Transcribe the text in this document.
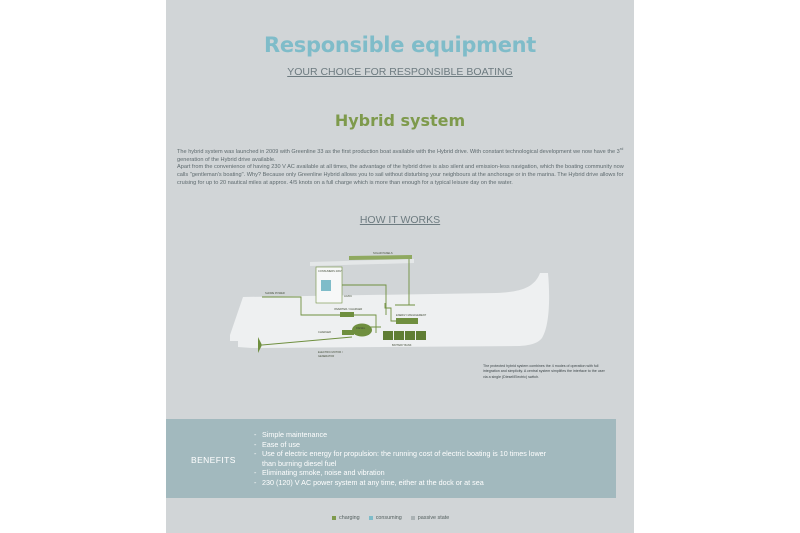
Responsible equipment

YOUR CHOICE FOR RESPONSIBLE BOATING

Hybrid system

The hybrid system was launched in 2009 with Greenline 33 as the first production boat available with the Hybrid drive. With constant technological development we now have the 3rd generation of the Hybrid drive available.

Apart from the convenience of having 230 V AC available at all times, the advantage of the hybrid drive is also silent and emission-less navigation, which the boating community now calls "gentleman's boating". Why? Because only Greenline Hybrid allows you to sail without disturbing your neighbours at the anchorage or in the marina. The Hybrid drive allows for cruising for up to 20 nautical miles at approx. 4/5 knots on a full charge which is more than enough for a typical leisure day on the water.

HOW IT WORKS

SOLAR PANELS
CONSUMERS 230V
AC/DC
SHORE POWER
INVERTER / CHARGER
ENERGY MANAGEMENT
CHARGER
DIESEL
BATTERY BANK
ELECTRIC MOTOR /
GENERATOR

The protected hybrid system combines the 4 modes of operation with full integration and simplicity. A central system simplifies the interface to the user via a single (Diesel/Electric) switch.

BENEFITS

- Simple maintenance
- Ease of use
- Use of electric energy for propulsion: the running cost of electric boating is 10 times lower
than burning diesel fuel
- Eliminating smoke, noise and vibration
- 230 (120) V AC power system at any time, either at the dock or at sea
charging	consuming	passive state
